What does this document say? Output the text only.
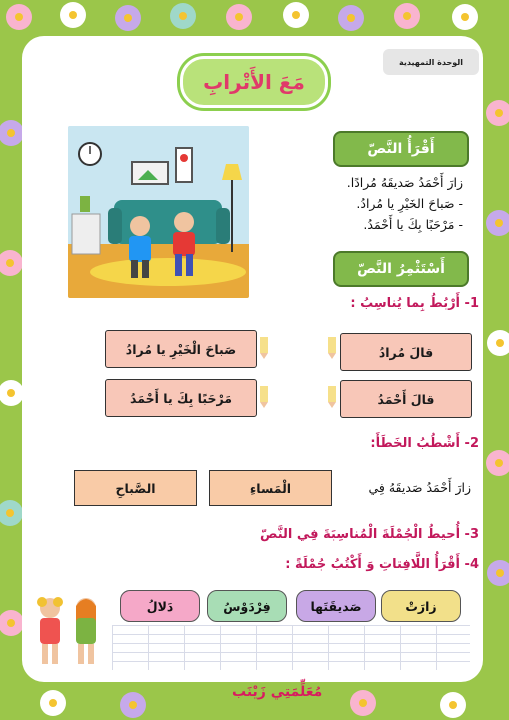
الوحدة التمهيدية
مَعَ الأَتْرابِ
أَقْرَأُ النَّصّ
زارَ أَحْمَدُ صَديقَهُ مُرادًا.
- صَباحَ الخَيْرِ يا مُرادُ.
- مَرْحَبًا بِكَ يا أَحْمَدُ.
أَسْتَثْمِرُ النَّصّ
1- أَرْبُطُ بِما يُناسِبُ :
صَباحَ الْخَيْرِ يا مُرادُ
مَرْحَبًا بِكَ يا أَحْمَدُ
قالَ مُرادُ
قالَ أَحْمَدُ
2- أَشْطُبُ الخَطَأَ:
الْمَساءِ
الصَّباحِ	زارَ أَحْمَدُ صَديقَهُ فِي
3- أُحيطُ الْجُمْلَةَ الْمُناسِبَةَ فِي النَّصّ
4- أَقْرَأُ اللَّافِتاتِ وَ أَكْتُبُ جُمْلَةً :
زارَتْ
صَديقَتَها
فِرْدَوْسُ
دَلالُ
مُعَلِّمَتِي زَيْنَب
